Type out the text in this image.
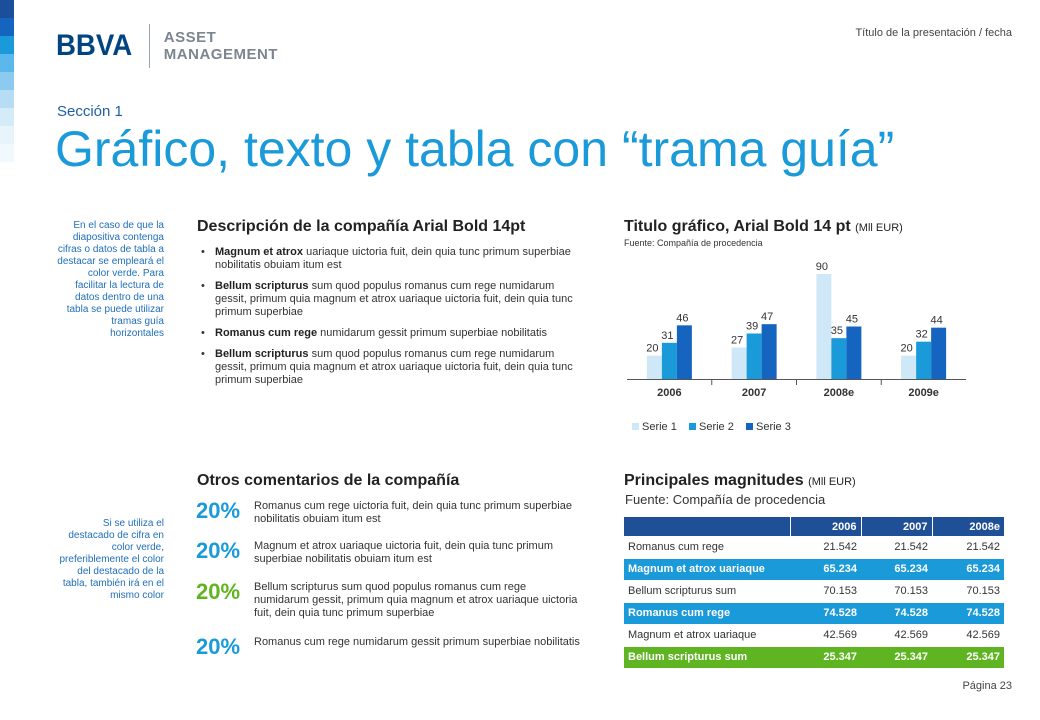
BBVA ASSET
MANAGEMENT
Título de la presentación / fecha
Sección 1
Gráfico, texto y tabla con “trama guía”
En el caso de que la diapositiva contenga cifras o datos de tabla a destacar se empleará el color verde. Para facilitar la lectura de datos dentro de una tabla se puede utilizar tramas guía horizontales
Si se utiliza el destacado de cifra en color verde, preferiblemente el color del destacado de la tabla, también irá en el mismo color
Descripción de la compañía Arial Bold 14pt
• Magnum et atrox uariaque uictoria fuit, dein quia tunc primum superbiae nobilitatis obuiam itum est
• Bellum scripturus sum quod populus romanus cum rege numidarum gessit, primum quia magnum et atrox uariaque uictoria fuit, dein quia tunc primum superbiae
• Romanus cum rege numidarum gessit primum superbiae nobilitatis
• Bellum scripturus sum quod populus romanus cum rege numidarum gessit, primum quia magnum et atrox uariaque uictoria fuit, dein quia tunc primum superbiae
Otros comentarios de la compañía
20%	Romanus cum rege uictoria fuit, dein quia tunc primum superbiae nobilitatis obuiam itum est
20%	Magnum et atrox uariaque uictoria fuit, dein quia tunc primum superbiae nobilitatis obuiam itum est
20%	Bellum scripturus sum quod populus romanus cum rege numidarum gessit, primum quia magnum et atrox uariaque uictoria fuit, dein quia tunc primum superbiae
20%	Romanus cum rege numidarum gessit primum superbiae nobilitatis
Titulo gráfico, Arial Bold 14 pt (Mll EUR)
Fuente: Compañía de procedencia
20
31
46
2006
27
39
47
2007
90
35
45
2008e
20
32
44
2009e
Serie 1 Serie 2 Serie 3
Principales magnitudes (Mll EUR)
Fuente: Compañía de procedencia
	2006	2007	2008e
Romanus cum rege	21.542	21.542	21.542
Magnum et atrox uariaque	65.234	65.234	65.234
Bellum scripturus sum	70.153	70.153	70.153
Romanus cum rege	74.528	74.528	74.528
Magnum et atrox uariaque	42.569	42.569	42.569
Bellum scripturus sum	25.347	25.347	25.347
Página 23
